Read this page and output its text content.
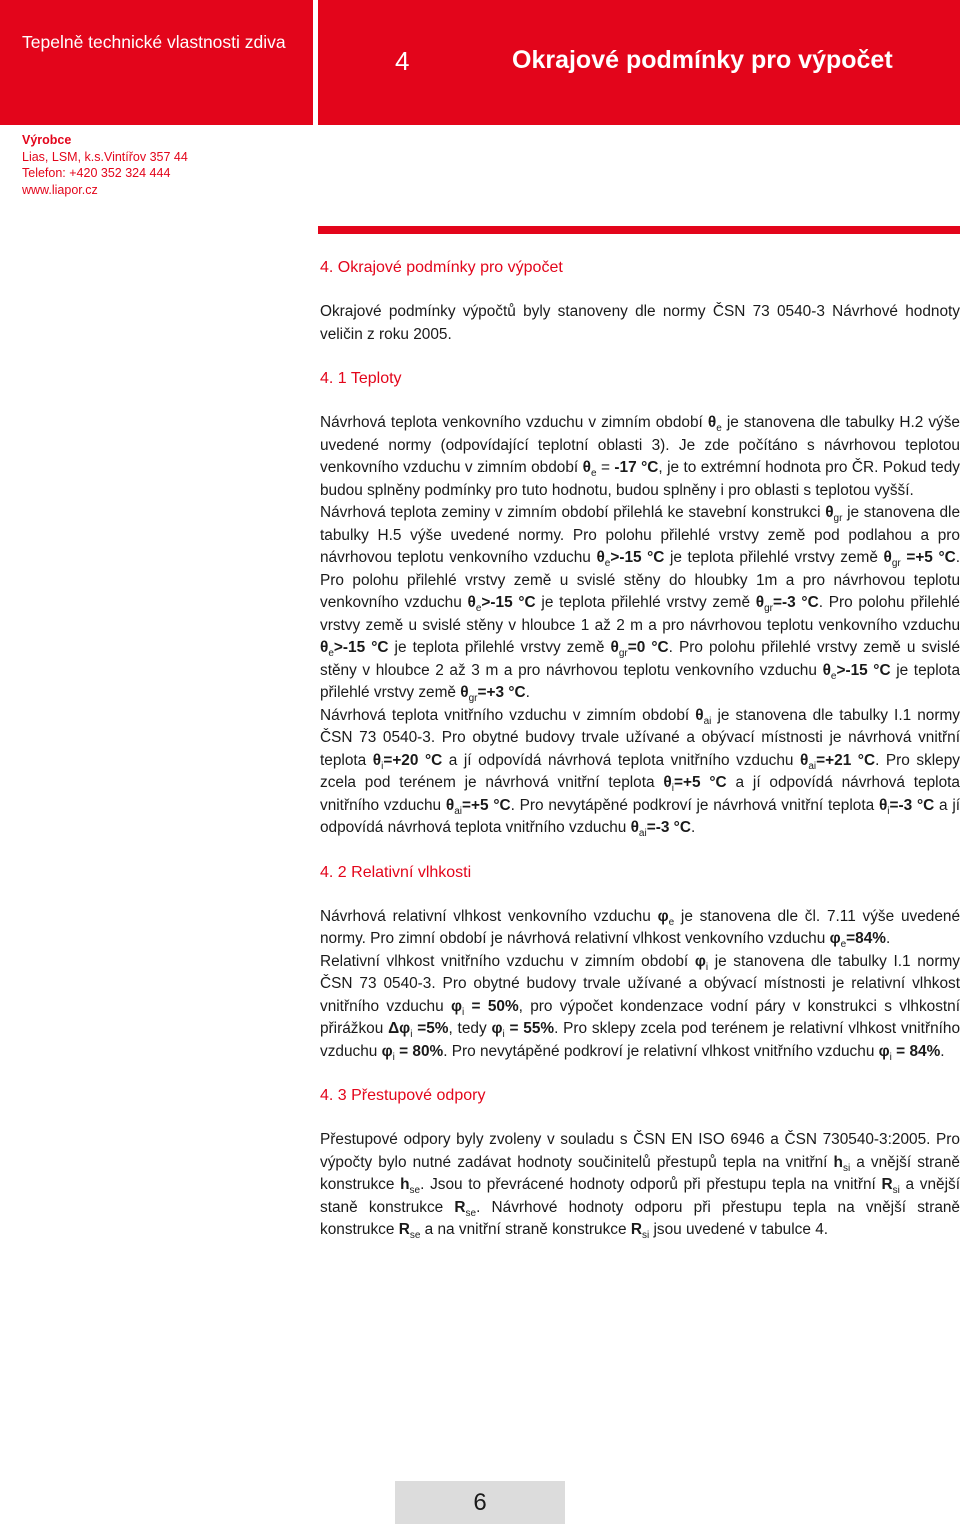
Tepelně technické vlastnosti zdiva
4	Okrajové podmínky pro výpočet
Výrobce
Lias, LSM, k.s.Vintířov 357 44
Telefon: +420 352 324 444
www.liapor.cz
4. Okrajové podmínky pro výpočet

Okrajové podmínky výpočtů byly stanoveny dle normy ČSN 73 0540-3 Návrhové hodnoty veličin z roku 2005.

4. 1 Teploty

Návrhová teplota venkovního vzduchu v zimním období $\theta_e$ je stanovena dle tabulky H.2 výše uvedené normy (odpovídající teplotní oblasti 3). Je zde počítáno s návrhovou teplotou venkovního vzduchu v zimním období $\theta_e = -17$ °C, je to extrémní hodnota pro ČR. Pokud tedy budou splněny podmínky pro tuto hodnotu, budou splněny i pro oblasti s teplotou vyšší.

Návrhová teplota zeminy v zimním období přilehlá ke stavební konstrukci $\theta_{gr}$ je stanovena dle tabulky H.5 výše uvedené normy. Pro polohu přilehlé vrstvy země pod podlahou a pro návrhovou teplotu venkovního vzduchu $\theta_e>-15$ °C je teplota přilehlé vrstvy země $\theta_{gr} =+5$ °C. Pro polohu přilehlé vrstvy země u svislé stěny do hloubky 1m a pro návrhovou teplotu venkovního vzduchu $\theta_e>-15$ °C je teplota přilehlé vrstvy země $\theta_{gr}=-3$ °C. Pro polohu přilehlé vrstvy země u svislé stěny v hloubce 1 až 2 m a pro návrhovou teplotu venkovního vzduchu $\theta_e>-15$ °C je teplota přilehlé vrstvy země $\theta_{gr}=0$ °C. Pro polohu přilehlé vrstvy země u svislé stěny v hloubce 2 až 3 m a pro návrhovou teplotu venkovního vzduchu $\theta_e>-15$ °C je teplota přilehlé vrstvy země $\theta_{gr}=+3$ °C.

Návrhová teplota vnitřního vzduchu v zimním období $\theta_{ai}$ je stanovena dle tabulky I.1 normy ČSN 73 0540-3. Pro obytné budovy trvale užívané a obývací místnosti je návrhová vnitřní teplota $\theta_i=+20$ °C a jí odpovídá návrhová teplota vnitřního vzduchu $\theta_{ai}=+21$ °C. Pro sklepy zcela pod terénem je návrhová vnitřní teplota $\theta_i=+5$ °C a jí odpovídá návrhová teplota vnitřního vzduchu $\theta_{ai}=+5$ °C. Pro nevytápěné podkroví je návrhová vnitřní teplota $\theta_i=-3$ °C a jí odpovídá návrhová teplota vnitřního vzduchu $\theta_{ai}=-3$ °C.

4. 2 Relativní vlhkosti

Návrhová relativní vlhkost venkovního vzduchu $\varphi_e$ je stanovena dle čl. 7.11 výše uvedené normy. Pro zimní období je návrhová relativní vlhkost venkovního vzduchu $\varphi_e=84\%$.

Relativní vlhkost vnitřního vzduchu v zimním období $\varphi_i$ je stanovena dle tabulky I.1 normy ČSN 73 0540-3. Pro obytné budovy trvale užívané a obývací místnosti je relativní vlhkost vnitřního vzduchu $\varphi_i = 50\%$, pro výpočet kondenzace vodní páry v konstrukci s vlhkostní přirážkou $\Delta\varphi_i =5\%$, tedy $\varphi_i = 55\%$. Pro sklepy zcela pod terénem je relativní vlhkost vnitřního vzduchu $\varphi_i = 80\%$. Pro nevytápěné podkroví je relativní vlhkost vnitřního vzduchu $\varphi_i = 84\%$.

4. 3 Přestupové odpory

Přestupové odpory byly zvoleny v souladu s ČSN EN ISO 6946 a ČSN 730540-3:2005. Pro výpočty bylo nutné zadávat hodnoty součinitelů přestupů tepla na vnitřní $h_{si}$ a vnější straně konstrukce $h_{se}$. Jsou to převrácené hodnoty odporů při přestupu tepla na vnitřní $R_{si}$ a vnější staně konstrukce $R_{se}$. Návrhové hodnoty odporu při přestupu tepla na vnější straně konstrukce $R_{se}$ a na vnitřní straně konstrukce $R_{si}$ jsou uvedené v tabulce 4.

6
